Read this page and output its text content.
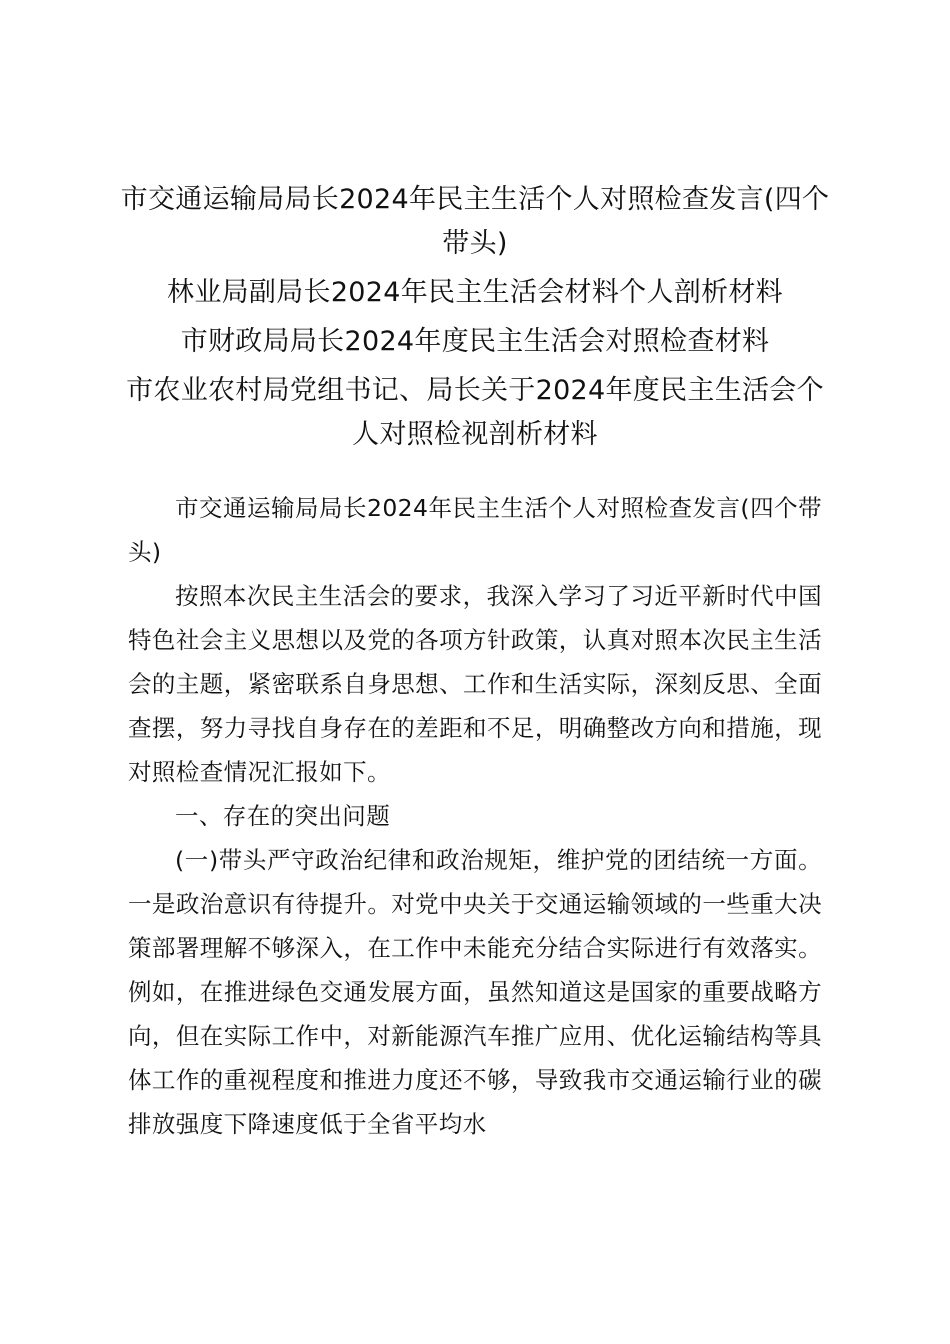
市交通运输局局长2024年民主生活个人对照检查发言(四个带头)
林业局副局长2024年民主生活会材料个人剖析材料
市财政局局长2024年度民主生活会对照检查材料
市农业农村局党组书记、局长关于2024年度民主生活会个人对照检视剖析材料

市交通运输局局长2024年民主生活个人对照检查发言(四个带头)

按照本次民主生活会的要求，我深入学习了习近平新时代中国特色社会主义思想以及党的各项方针政策，认真对照本次民主生活会的主题，紧密联系自身思想、工作和生活实际，深刻反思、全面查摆，努力寻找自身存在的差距和不足，明确整改方向和措施，现对照检查情况汇报如下。

一、存在的突出问题

(一)带头严守政治纪律和政治规矩，维护党的团结统一方面。一是政治意识有待提升。对党中央关于交通运输领域的一些重大决策部署理解不够深入，在工作中未能充分结合实际进行有效落实。例如，在推进绿色交通发展方面，虽然知道这是国家的重要战略方向，但在实际工作中，对新能源汽车推广应用、优化运输结构等具体工作的重视程度和推进力度还不够，导致我市交通运输行业的碳排放强度下降速度低于全省平均水
